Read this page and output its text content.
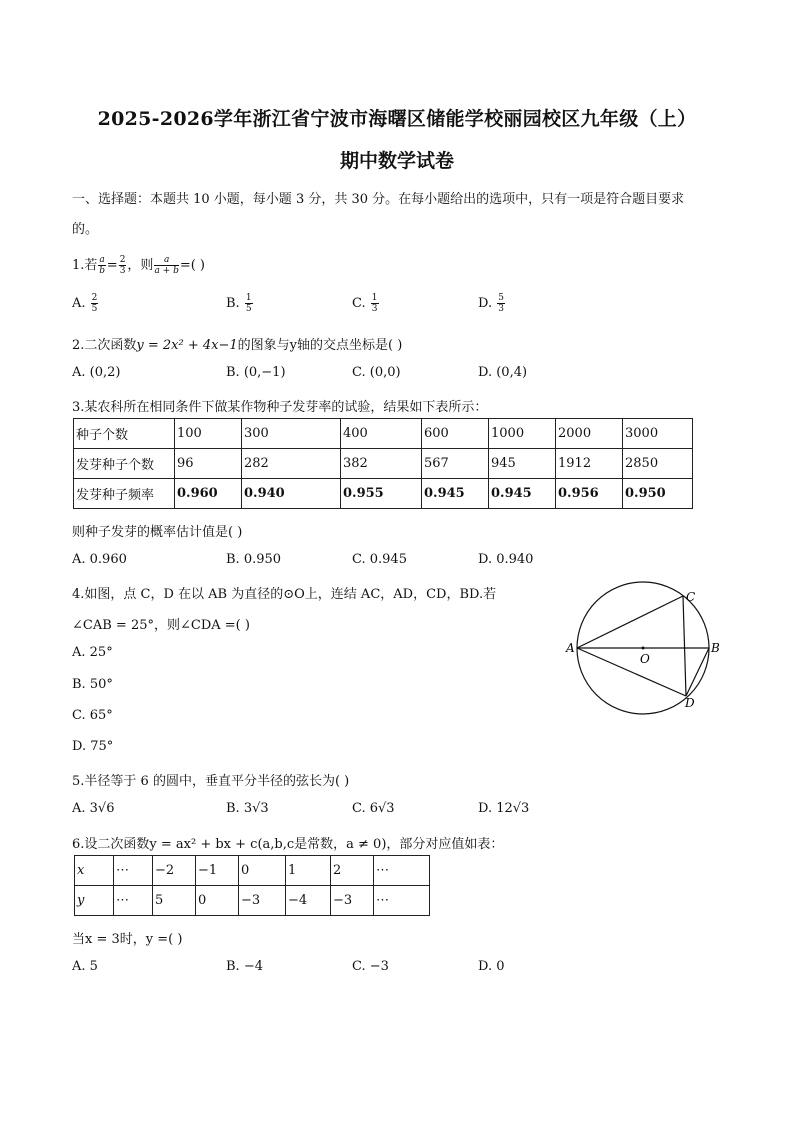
2025-2026学年浙江省宁波市海曙区储能学校丽园校区九年级（上）
期中数学试卷
一、选择题：本题共 10 小题，每小题 3 分，共 30 分。在每小题给出的选项中，只有一项是符合题目要求
的。
1.若 $\frac{a}{b} = \frac{2}{3}$ ，则 $\frac{a}{a + b}$ =( )
A. $\frac{2}{5}$	B. $\frac{1}{5}$	C. $\frac{1}{3}$	D. $\frac{5}{3}$
2.二次函数y = 2x² + 4x−1的图象与y轴的交点坐标是( )
A. (0,2)	B. (0,−1)	C. (0,0)	D. (0,4)
3.某农科所在相同条件下做某作物种子发芽率的试验，结果如下表所示：
种子个数	100	300	400	600	1000	2000	3000
发芽种子个数	96	282	382	567	945	1912	2850
发芽种子频率	0.960	0.940	0.955	0.945	0.945	0.956	0.950
则种子发芽的概率估计值是( )
A. 0.960	B. 0.950	C. 0.945	D. 0.940
4.如图，点 C，D 在以 AB 为直径的⊙O上，连结 AC，AD，CD，BD.若
∠CAB = 25°，则∠CDA =( )
A. 25°
B. 50°
C. 65°
D. 75°
A	B
C
D
O
5.半径等于 6 的圆中，垂直平分半径的弦长为( )
A. 3√6	B. 3√3	C. 6√3	D. 12√3
6.设二次函数y = ax² + bx + c(a,b,c是常数，a ≠ 0)，部分对应值如表：
x	⋯	−2	−1	0	1	2	⋯
y	⋯	5	0	−3	−4	−3	⋯
当x = 3时，y =( )
A. 5	B. −4	C. −3	D. 0
